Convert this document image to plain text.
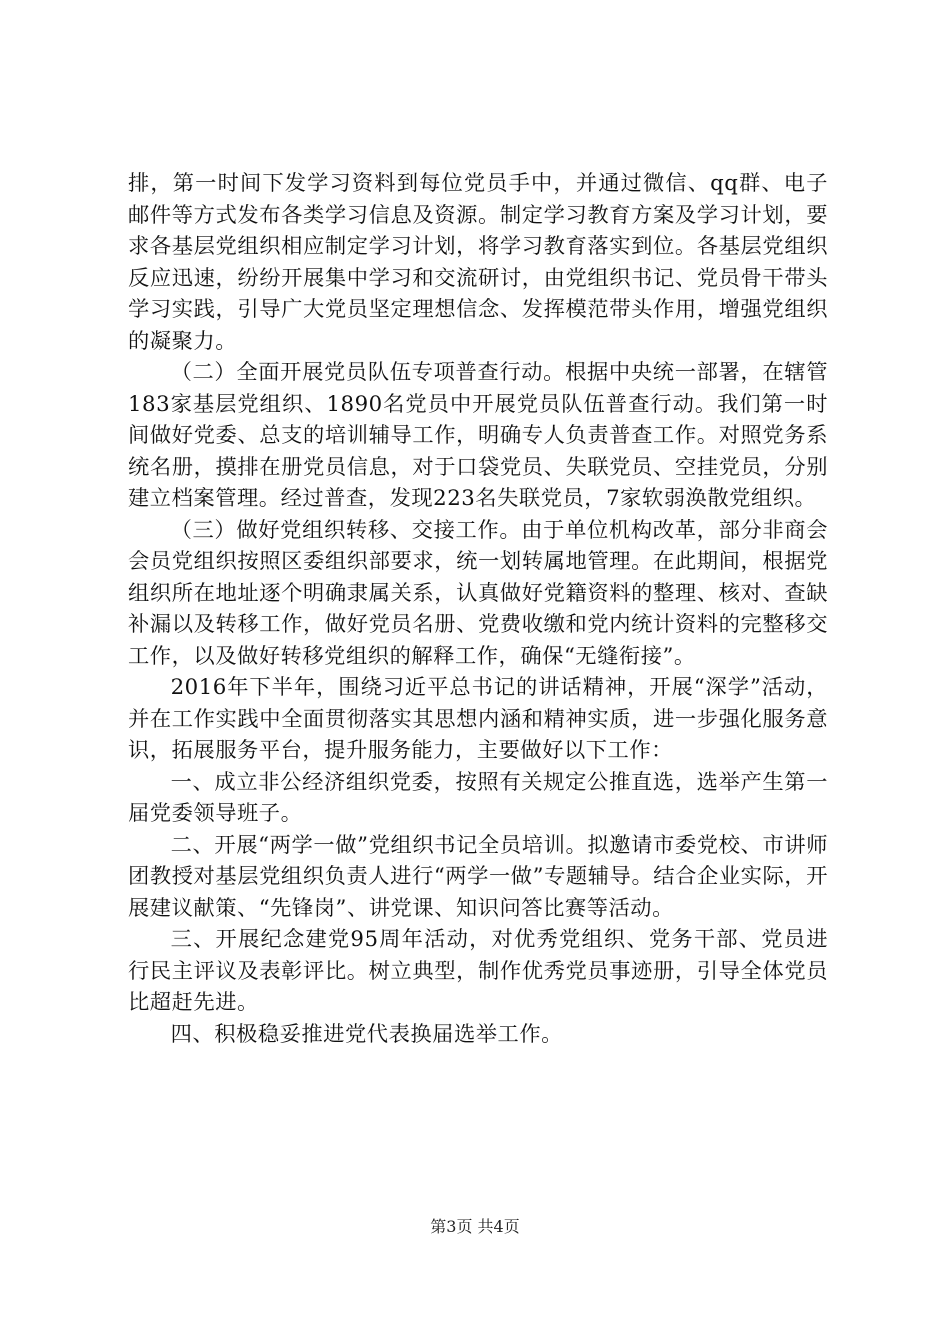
排，第一时间下发学习资料到每位党员手中，并通过微信、qq群、电子邮件等方式发布各类学习信息及资源。制定学习教育方案及学习计划，要求各基层党组织相应制定学习计划，将学习教育落实到位。各基层党组织反应迅速，纷纷开展集中学习和交流研讨，由党组织书记、党员骨干带头学习实践，引导广大党员坚定理想信念、发挥模范带头作用，增强党组织的凝聚力。

（二）全面开展党员队伍专项普查行动。根据中央统一部署，在辖管183家基层党组织、1890名党员中开展党员队伍普查行动。我们第一时间做好党委、总支的培训辅导工作，明确专人负责普查工作。对照党务系统名册，摸排在册党员信息，对于口袋党员、失联党员、空挂党员，分别建立档案管理。经过普查，发现223名失联党员，7家软弱涣散党组织。

（三）做好党组织转移、交接工作。由于单位机构改革，部分非商会会员党组织按照区委组织部要求，统一划转属地管理。在此期间，根据党组织所在地址逐个明确隶属关系，认真做好党籍资料的整理、核对、查缺补漏以及转移工作，做好党员名册、党费收缴和党内统计资料的完整移交工作，以及做好转移党组织的解释工作，确保“无缝衔接”。

2016年下半年，围绕习近平总书记的讲话精神，开展“深学”活动，并在工作实践中全面贯彻落实其思想内涵和精神实质，进一步强化服务意识，拓展服务平台，提升服务能力，主要做好以下工作：

一、成立非公经济组织党委，按照有关规定公推直选，选举产生第一届党委领导班子。

二、开展“两学一做”党组织书记全员培训。拟邀请市委党校、市讲师团教授对基层党组织负责人进行“两学一做”专题辅导。结合企业实际，开展建议献策、“先锋岗”、讲党课、知识问答比赛等活动。

三、开展纪念建党95周年活动，对优秀党组织、党务干部、党员进行民主评议及表彰评比。树立典型，制作优秀党员事迹册，引导全体党员比超赶先进。

四、积极稳妥推进党代表换届选举工作。

第3页 共4页
